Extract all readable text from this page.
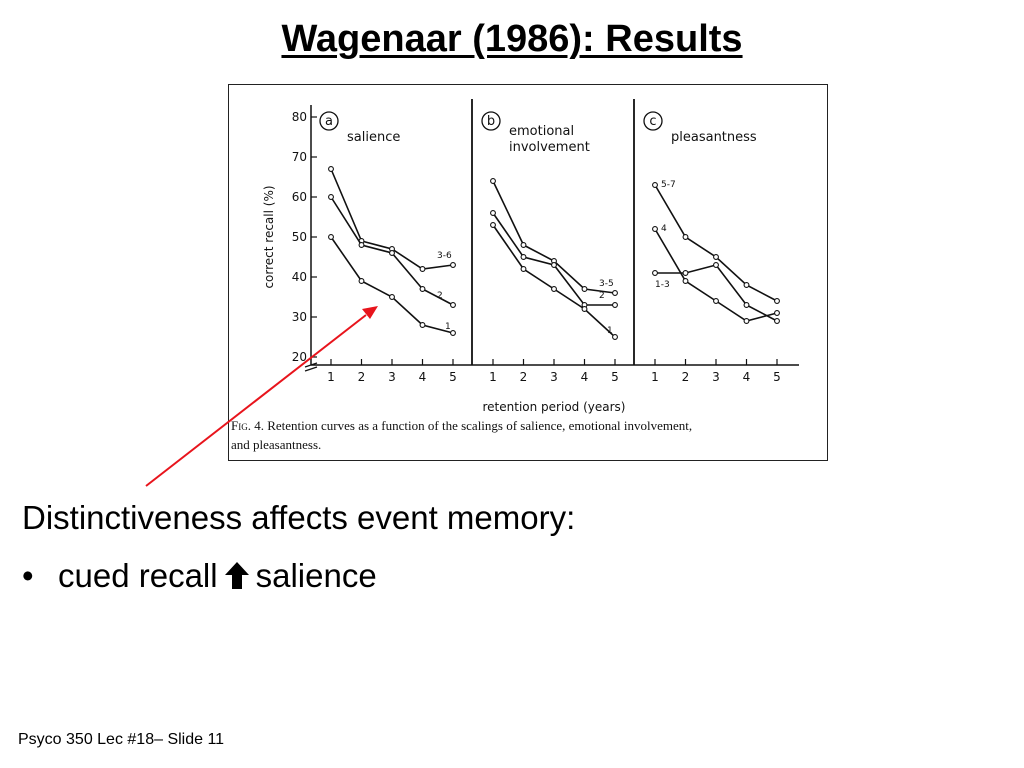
Wagenaar (1986): Results
20
30
40
50
60
70
80
correct recall (%)
a
salience
1 2 3 4 5
3-6
2
1
b
emotional
involvement
1 2 3 4 5
3-5
2
1
c
pleasantness
1 2 3 4 5
5-7
4
1-3
retention period (years)
Fig. 4. Retention curves as a function of the scalings of salience, emotional involvement,
and pleasantness.
Distinctiveness affects event memory:
• cued recall salience
Psyco 350 Lec #18– Slide 11
